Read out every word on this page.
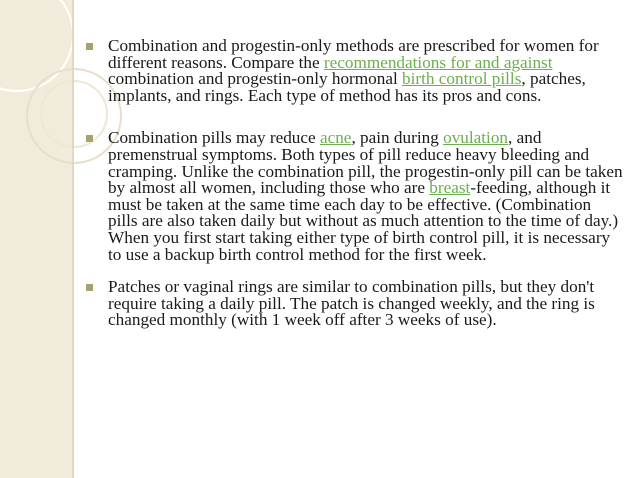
Combination and progestin-only methods are prescribed for women for different reasons. Compare the recommendations for and against combination and progestin-only hormonal birth control pills, patches, implants, and rings. Each type of method has its pros and cons.
Combination pills may reduce acne, pain during ovulation, and premenstrual symptoms. Both types of pill reduce heavy bleeding and cramping. Unlike the combination pill, the progestin-only pill can be taken by almost all women, including those who are breast-feeding, although it must be taken at the same time each day to be effective. (Combination pills are also taken daily but without as much attention to the time of day.) When you first start taking either type of birth control pill, it is necessary to use a backup birth control method for the first week.
Patches or vaginal rings are similar to combination pills, but they don't require taking a daily pill. The patch is changed weekly, and the ring is changed monthly (with 1 week off after 3 weeks of use).
